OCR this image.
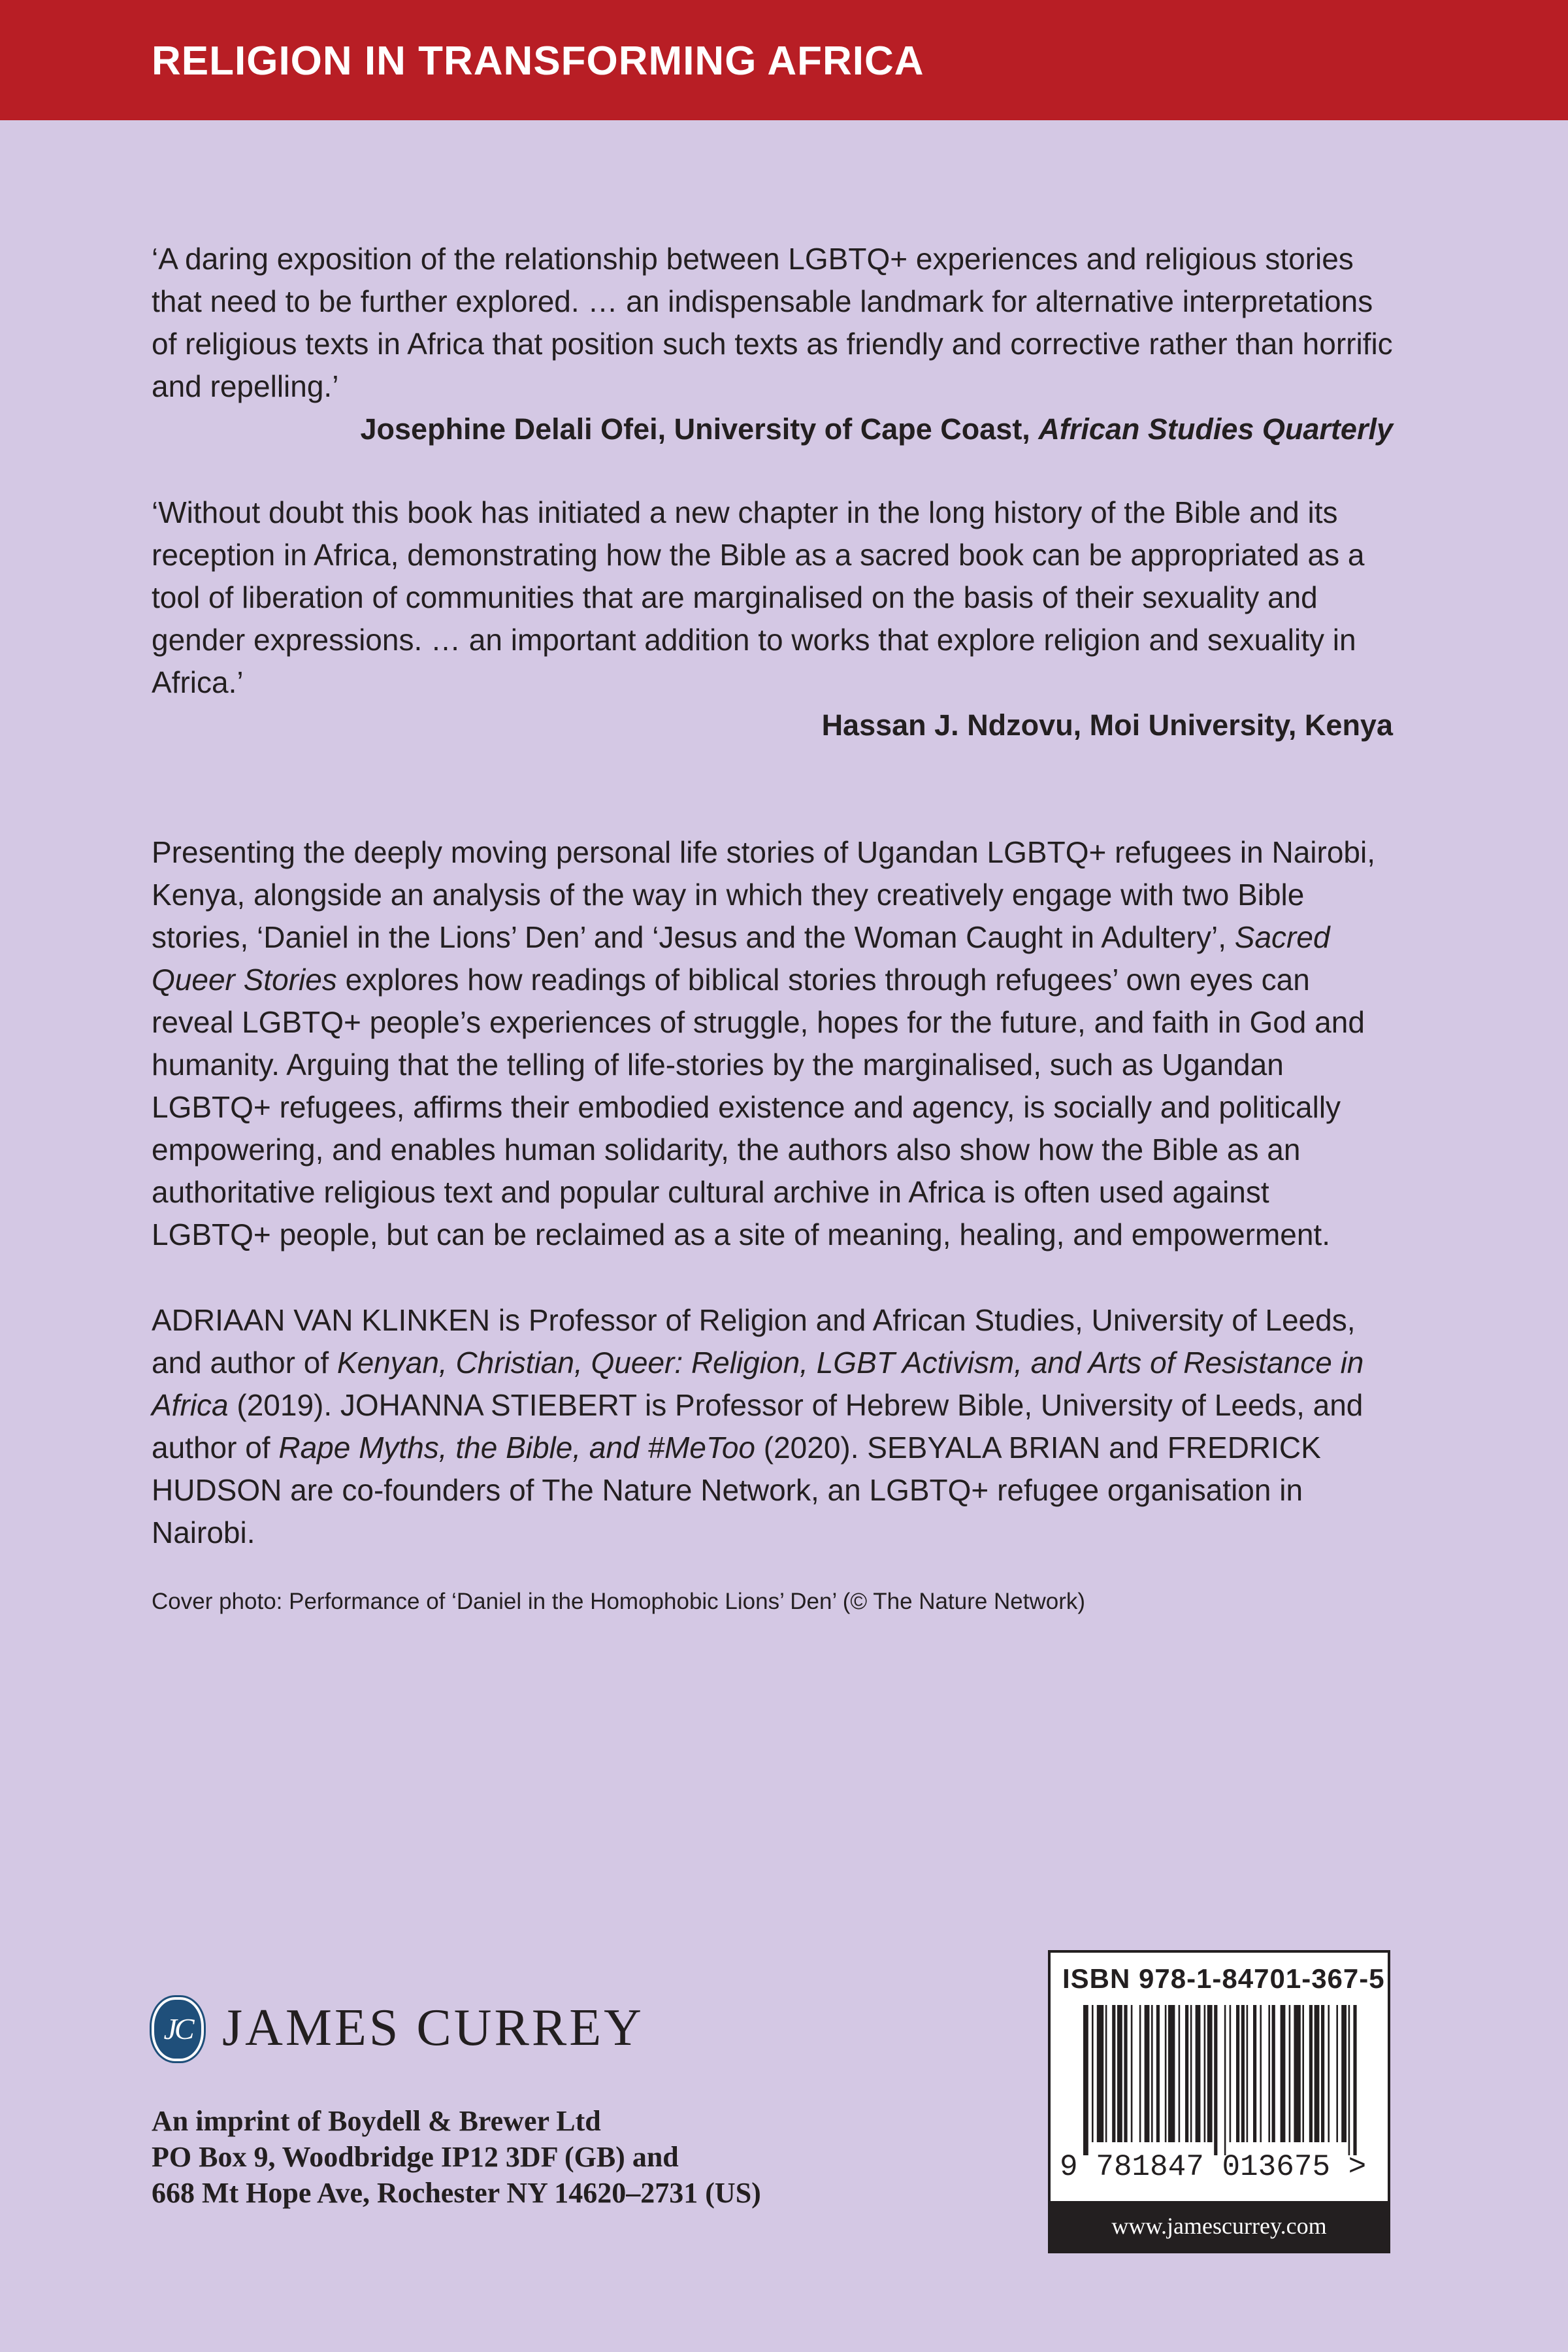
RELIGION IN TRANSFORMING AFRICA

‘A daring exposition of the relationship between LGBTQ+ experiences and religious stories that need to be further explored. … an indispensable landmark for alternative interpretations of religious texts in Africa that position such texts as friendly and corrective rather than horrific and repelling.’

Josephine Delali Ofei, University of Cape Coast, African Studies Quarterly

‘Without doubt this book has initiated a new chapter in the long history of the Bible and its reception in Africa, demonstrating how the Bible as a sacred book can be appropriated as a tool of liberation of communities that are marginalised on the basis of their sexuality and gender expressions. … an important addition to works that explore religion and sexuality in Africa.’

Hassan J. Ndzovu, Moi University, Kenya

Presenting the deeply moving personal life stories of Ugandan LGBTQ+ refugees in Nairobi, Kenya, alongside an analysis of the way in which they creatively engage with two Bible stories, ‘Daniel in the Lions’ Den’ and ‘Jesus and the Woman Caught in Adultery’, Sacred Queer Stories explores how readings of biblical stories through refugees’ own eyes can reveal LGBTQ+ people’s experiences of struggle, hopes for the future, and faith in God and humanity. Arguing that the telling of life-stories by the marginalised, such as Ugandan LGBTQ+ refugees, affirms their embodied existence and agency, is socially and politically empowering, and enables human solidarity, the authors also show how the Bible as an authoritative religious text and popular cultural archive in Africa is often used against LGBTQ+ people, but can be reclaimed as a site of meaning, healing, and empowerment.

ADRIAAN VAN KLINKEN is Professor of Religion and African Studies, University of Leeds, and author of Kenyan, Christian, Queer: Religion, LGBT Activism, and Arts of Resistance in Africa (2019). JOHANNA STIEBERT is Professor of Hebrew Bible, University of Leeds, and author of Rape Myths, the Bible, and #MeToo (2020). SEBYALA BRIAN and FREDRICK HUDSON are co-founders of The Nature Network, an LGBTQ+ refugee organisation in Nairobi.

Cover photo: Performance of ‘Daniel in the Homophobic Lions’ Den’ (© The Nature Network)

JC JAMES CURREY
An imprint of Boydell & Brewer Ltd
PO Box 9, Woodbridge IP12 3DF (GB) and
668 Mt Hope Ave, Rochester NY 14620–2731 (US)
ISBN 978-1-84701-367-5
9 781847 013675 >
www.jamescurrey.com
